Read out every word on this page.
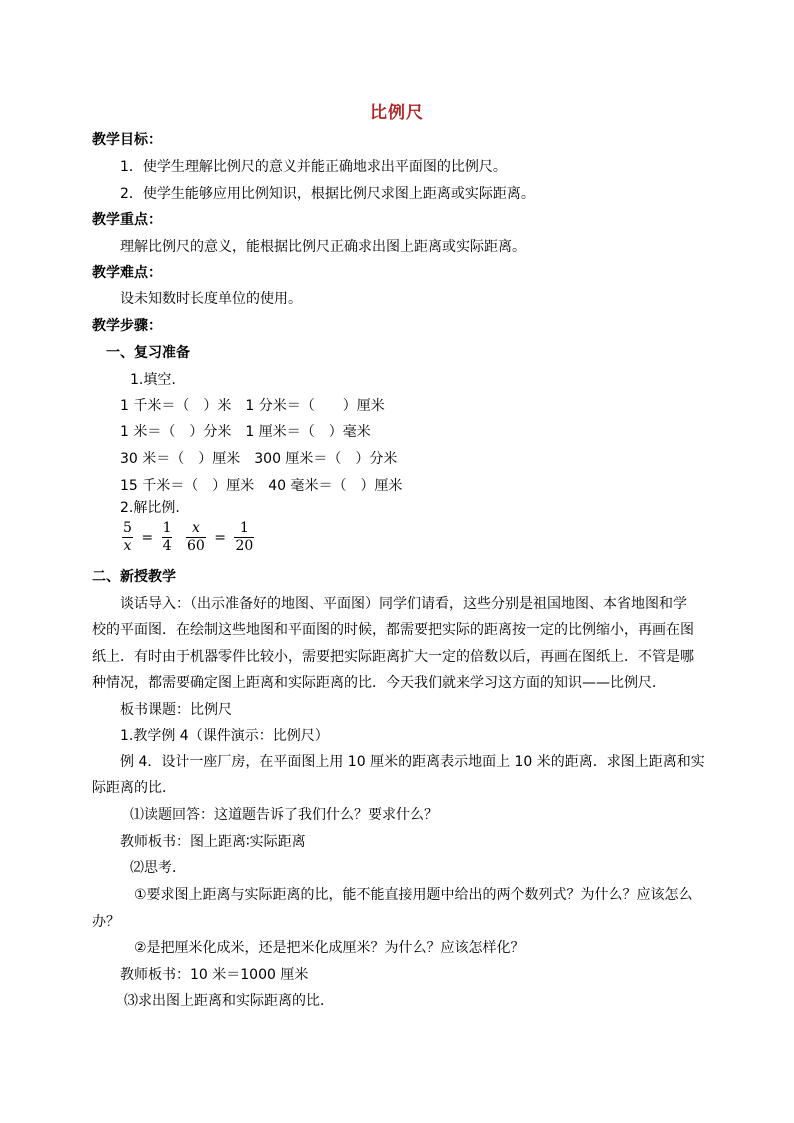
比例尺
教学目标：
1．使学生理解比例尺的意义并能正确地求出平面图的比例尺。
2．使学生能够应用比例知识，根据比例尺求图上距离或实际距离。
教学重点：
理解比例尺的意义，能根据比例尺正确求出图上距离或实际距离。
教学难点：
设未知数时长度单位的使用。
教学步骤：
一、复习准备
1.填空.
1 千米＝（　）米　1 分米＝（　　）厘米
1 米＝（　）分米　1 厘米＝（　）毫米
30 米＝（　）厘米　300 厘米＝（　）分米
15 千米＝（　）厘米　40 毫米＝（　）厘米
2.解比例.
$\frac{5}{x} = \frac{1}{4} \frac{x}{60} = \frac{1}{20}$
二、新授教学
谈话导入：（出示准备好的地图、平面图）同学们请看，这些分别是祖国地图、本省地图和学
校的平面图．在绘制这些地图和平面图的时候，都需要把实际的距离按一定的比例缩小，再画在图
纸上．有时由于机器零件比较小，需要把实际距离扩大一定的倍数以后，再画在图纸上．不管是哪
种情况，都需要确定图上距离和实际距离的比．今天我们就来学习这方面的知识——比例尺．
板书课题：比例尺
1.教学例 4（课件演示：比例尺）
例 4．设计一座厂房，在平面图上用 10 厘米的距离表示地面上 10 米的距离．求图上距离和实
际距离的比．
⑴读题回答：这道题告诉了我们什么？要求什么？
教师板书：图上距离∶实际距离
⑵思考．
①要求图上距离与实际距离的比，能不能直接用题中给出的两个数列式？为什么？应该怎么
办？
②是把厘米化成米，还是把米化成厘米？为什么？应该怎样化？
教师板书：10 米＝1000 厘米
⑶求出图上距离和实际距离的比．
